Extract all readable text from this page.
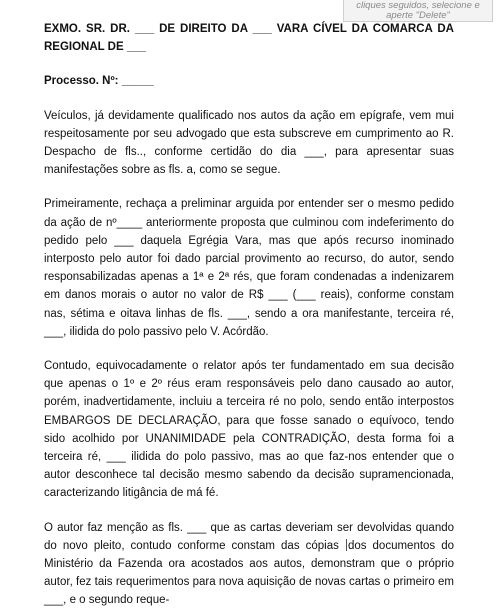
cliques seguidos, selecione e
aperte "Delete"

EXMO. SR. DR. ___ DE DIREITO DA ___ VARA CÍVEL DA COMARCA DA REGIONAL DE ___

Processo. Nº: _____

Veículos, já devidamente qualificado nos autos da ação em epígrafe, vem mui respeitosamente por seu advogado que esta subscreve em cumprimento ao R. Despacho de fls.., conforme certidão do dia ___, para apresentar suas manifestações sobre as fls. a, como se segue.

Primeiramente, rechaça a preliminar arguida por entender ser o mesmo pedido da ação de nº____ anteriormente proposta que culminou com indeferimento do pedido pelo ___ daquela Egrégia Vara, mas que após recurso inominado interposto pelo autor foi dado parcial provimento ao recurso, do autor, sendo responsabilizadas apenas a 1ª e 2ª rés, que foram condenadas a indenizarem em danos morais o autor no valor de R$ ___ (___ reais), conforme constam nas, sétima e oitava linhas de fls. ___, sendo a ora manifestante, terceira ré, ___, ilidida do polo passivo pelo V. Acórdão.

Contudo, equivocadamente o relator após ter fundamentado em sua decisão que apenas o 1º e 2º réus eram responsáveis pelo dano causado ao autor, porém, inadvertidamente, incluiu a terceira ré no polo, sendo então interpostos EMBARGOS DE DECLARAÇÃO, para que fosse sanado o equívoco, tendo sido acolhido por UNANIMIDADE pela CONTRADIÇÃO, desta forma foi a terceira ré, ___ ilidida do polo passivo, mas ao que faz-nos entender que o autor desconhece tal decisão mesmo sabendo da decisão supramencionada, caracterizando litigância de má fé.

O autor faz menção as fls. ___ que as cartas deveriam ser devolvidas quando do novo pleito, contudo conforme constam das cópias dos documentos do Ministério da Fazenda ora acostados aos autos, demonstram que o próprio autor, fez tais requerimentos para nova aquisição de novas cartas o primeiro em ___, e o segundo reque-
